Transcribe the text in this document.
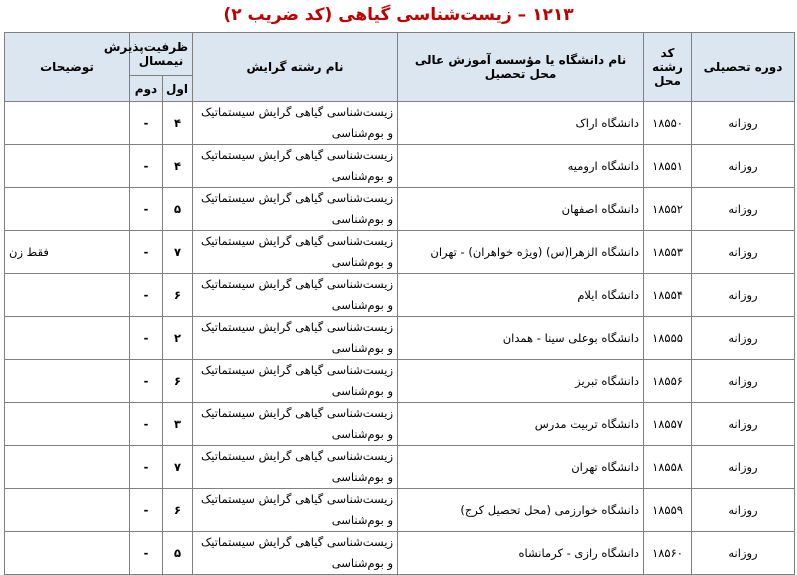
۱۲۱۳ – زیست‌شناسی گیاهی (کد ضریب ۲)
دوره تحصیلی	کد رشته محل	نام دانشگاه یا مؤسسه آموزش عالی محل تحصیل	نام رشته گرایش	ظرفیت‌پذیرش نیمسال		توضیحات
				اول	دوم	
روزانه	۱۸۵۵۰	دانشگاه اراک	زیست‌شناسی گیاهی گرایش سیستماتیک و بوم‌شناسی	۴	-	
روزانه	۱۸۵۵۱	دانشگاه ارومیه	زیست‌شناسی گیاهی گرایش سیستماتیک و بوم‌شناسی	۴	-	
روزانه	۱۸۵۵۲	دانشگاه اصفهان	زیست‌شناسی گیاهی گرایش سیستماتیک و بوم‌شناسی	۵	-	
روزانه	۱۸۵۵۳	دانشگاه الزهرا(س) (ویژه خواهران) - تهران	زیست‌شناسی گیاهی گرایش سیستماتیک و بوم‌شناسی	۷	-	فقط زن
روزانه	۱۸۵۵۴	دانشگاه ایلام	زیست‌شناسی گیاهی گرایش سیستماتیک و بوم‌شناسی	۶	-	
روزانه	۱۸۵۵۵	دانشگاه بوعلی سینا - همدان	زیست‌شناسی گیاهی گرایش سیستماتیک و بوم‌شناسی	۲	-	
روزانه	۱۸۵۵۶	دانشگاه تبریز	زیست‌شناسی گیاهی گرایش سیستماتیک و بوم‌شناسی	۶	-	
روزانه	۱۸۵۵۷	دانشگاه تربیت مدرس	زیست‌شناسی گیاهی گرایش سیستماتیک و بوم‌شناسی	۳	-	
روزانه	۱۸۵۵۸	دانشگاه تهران	زیست‌شناسی گیاهی گرایش سیستماتیک و بوم‌شناسی	۷	-	
روزانه	۱۸۵۵۹	دانشگاه خوارزمی (محل تحصیل کرج)	زیست‌شناسی گیاهی گرایش سیستماتیک و بوم‌شناسی	۶	-	
روزانه	۱۸۵۶۰	دانشگاه رازی - کرمانشاه	زیست‌شناسی گیاهی گرایش سیستماتیک و بوم‌شناسی	۵	-	
